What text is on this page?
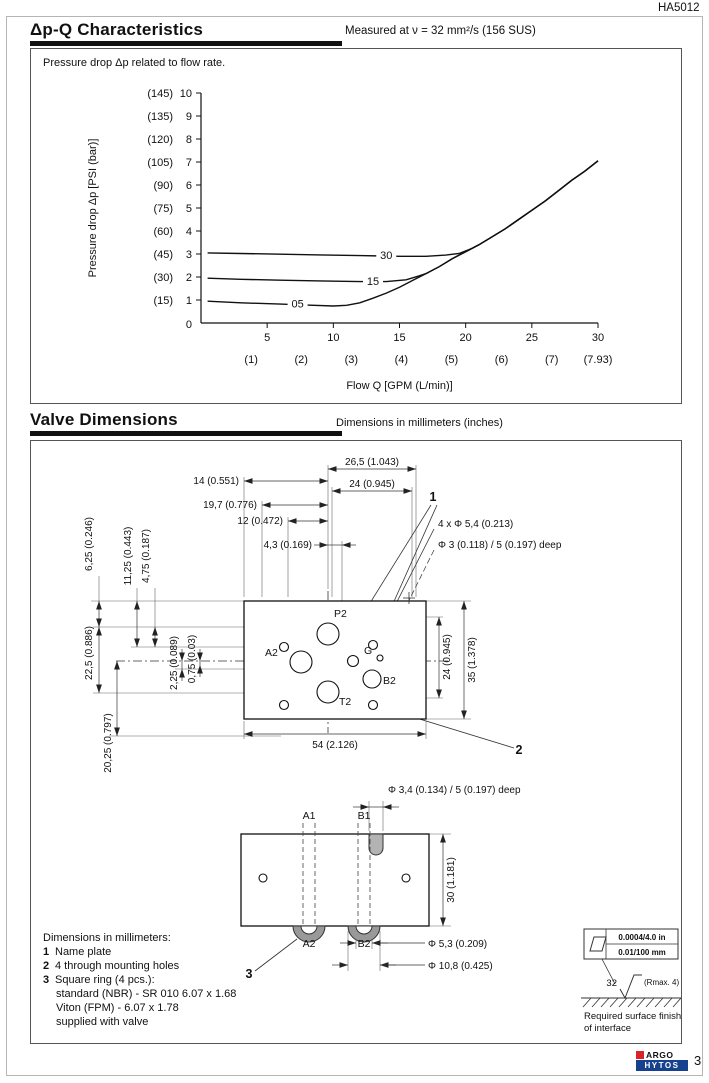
HA5012
Δp-Q Characteristics	Measured at ν = 32 mm²/s (156 SUS)
Pressure drop Δp related to flow rate.
1
(15)
2
(30)
3
(45)
4
(60)
5
(75)
6
(90)
7
(105)
8
(120)
9
(135)
10
(145)
0
5	10	15	20	25	30
(1)	(2)	(3)	(4)	(5)	(6)	(7) (7.93)
30
15
05
Flow Q [GPM (L/min)]
Pressure drop Δp [PSI (bar)]
Valve Dimensions	Dimensions in millimeters (inches)
26,5 (1.043)
14 (0.551)	24 (0.945)
19,7 (0.776)
12 (0.472)
4,3 (0.169)
4 x Φ 5,4 (0.213)
Φ 3 (0.118) / 5 (0.197) deep
6,25 (0.246)	11,25 (0.443) 4,75 (0.187)
22,5 (0.886)	2,25 (0.089) 0,75 (0.03)
20,25 (0.797)
24 (0.945) 35 (1.378)
54 (2.126)
P2
A2	G
B2
T2
1
2
Φ 3,4 (0.134) / 5 (0.197) deep
A1	B1
A2	B2
30 (1.181)
Φ 5,3 (0.209)
Φ 10,8 (0.425)
3
0.0004/4.0 in
0.01/100 mm
32	(Rmax. 4)
Required surface finish
of interface
Dimensions in millimeters:
1 Name plate
2 4 through mounting holes
3 Square ring (4 pcs.):
standard (NBR) - SR 010 6.07 x 1.68
Viton (FPM) - 6.07 x 1.78
supplied with valve
ARGO
HYTOS	3
